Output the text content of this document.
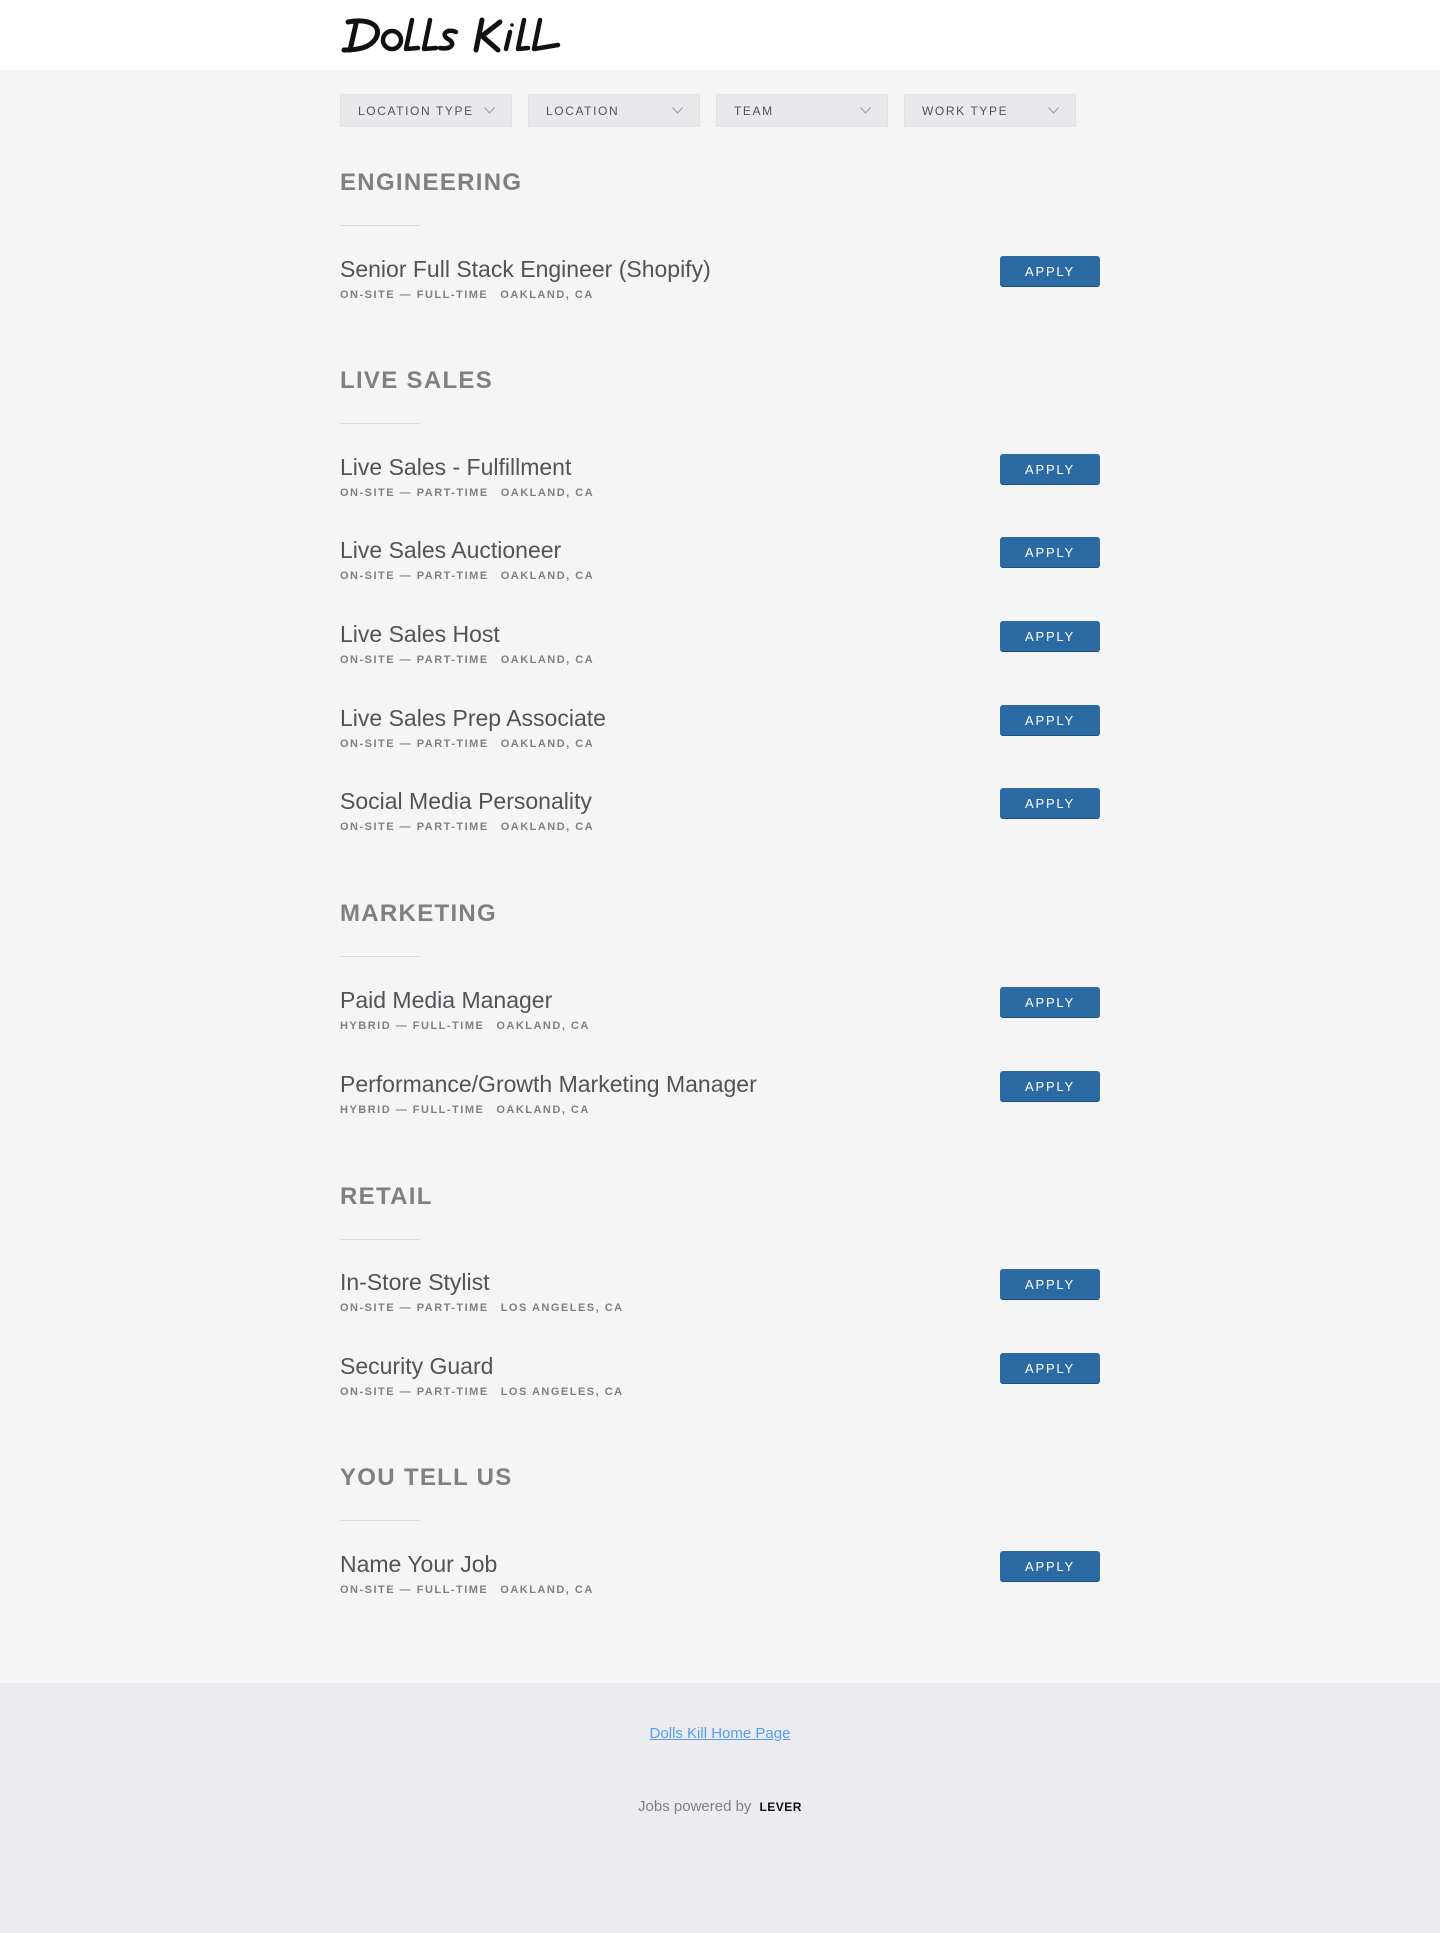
LOCATION TYPE	LOCATION	TEAM	WORK TYPE
ENGINEERING
Senior Full Stack Engineer (Shopify)
ON-SITE — FULL-TIME OAKLAND, CA
APPLY
LIVE SALES
Live Sales - Fulfillment
ON-SITE — PART-TIME OAKLAND, CA
APPLY
Live Sales Auctioneer
ON-SITE — PART-TIME OAKLAND, CA
APPLY
Live Sales Host
ON-SITE — PART-TIME OAKLAND, CA
APPLY
Live Sales Prep Associate
ON-SITE — PART-TIME OAKLAND, CA
APPLY
Social Media Personality
ON-SITE — PART-TIME OAKLAND, CA
APPLY
MARKETING
Paid Media Manager
HYBRID — FULL-TIME OAKLAND, CA
APPLY
Performance/Growth Marketing Manager
HYBRID — FULL-TIME OAKLAND, CA
APPLY
RETAIL
In-Store Stylist
ON-SITE — PART-TIME LOS ANGELES, CA
APPLY
Security Guard
ON-SITE — PART-TIME LOS ANGELES, CA
APPLY
YOU TELL US
Name Your Job
ON-SITE — FULL-TIME OAKLAND, CA
APPLY
Dolls Kill Home Page
Jobs powered by LEVER
